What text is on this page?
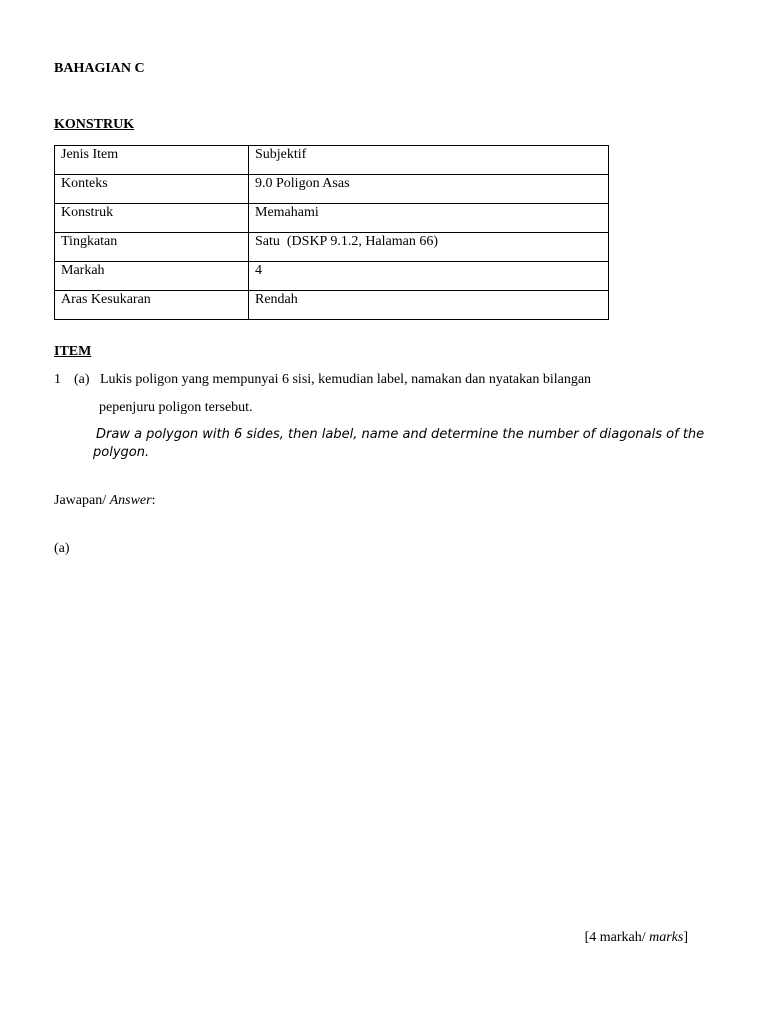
BAHAGIAN C
KONSTRUK
Jenis Item	Subjektif
Konteks	9.0 Poligon Asas
Konstruk	Memahami
Tingkatan	Satu  (DSKP 9.1.2, Halaman 66)
Markah	4
Aras Kesukaran	Rendah
ITEM
1 (a) Lukis poligon yang mempunyai 6 sisi, kemudian label, namakan dan nyatakan bilangan
pepenjuru poligon tersebut.
Draw a polygon with 6 sides, then label, name and determine the number of diagonals of the
polygon.
Jawapan/ Answer:
(a)
[4 markah/ marks]
